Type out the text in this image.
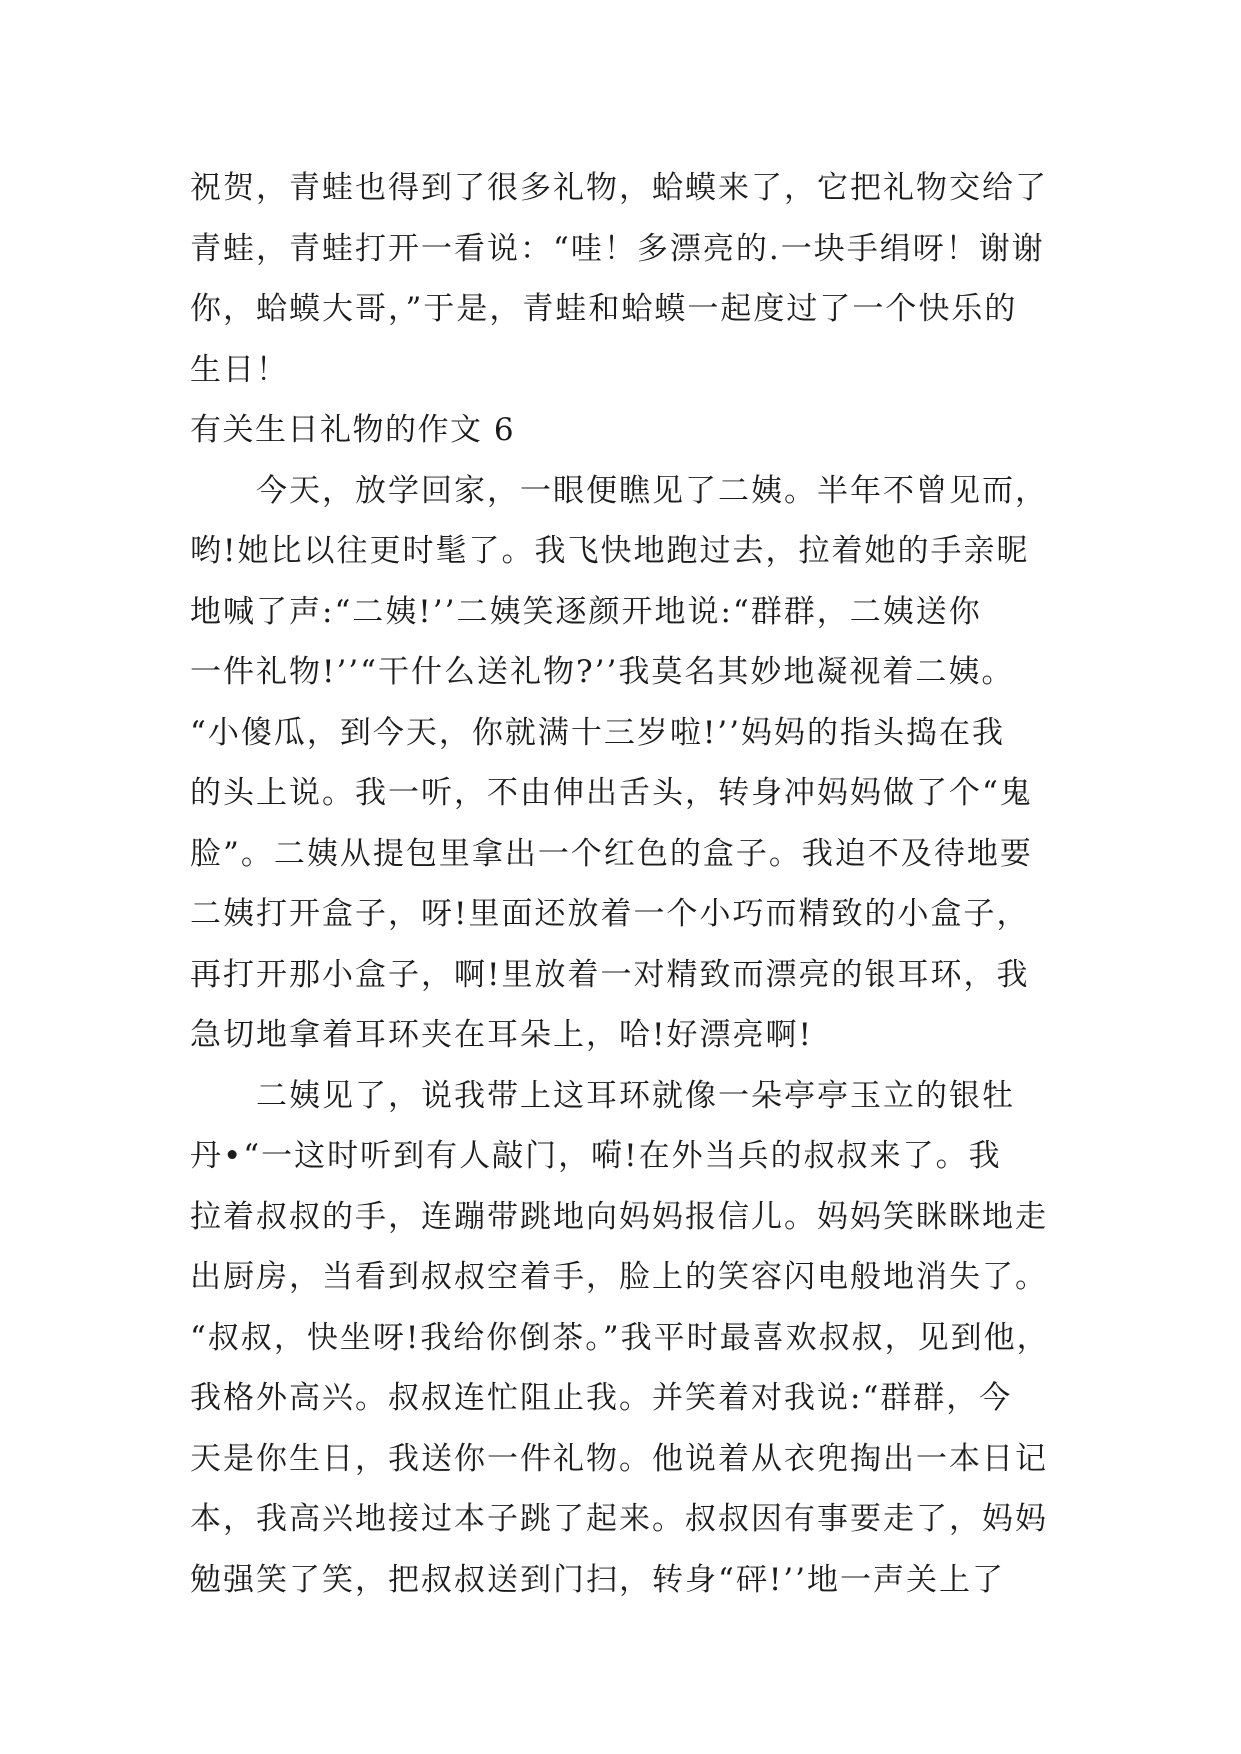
祝贺，青蛙也得到了很多礼物，蛤蟆来了，它把礼物交给了
青蛙，青蛙打开一看说：“哇！多漂亮的.一块手绢呀！谢谢
你，蛤蟆大哥，”于是，青蛙和蛤蟆一起度过了一个快乐的
生日！
有关生日礼物的作文 6
今天，放学回家，一眼便瞧见了二姨。半年不曾见而，
哟!她比以往更时髦了。我飞快地跑过去，拉着她的手亲昵
地喊了声:“二姨!’’二姨笑逐颜开地说:“群群，二姨送你
一件礼物!’’“干什么送礼物?’’我莫名其妙地凝视着二姨。
“小傻瓜，到今天，你就满十三岁啦!’’妈妈的指头捣在我
的头上说。我一听，不由伸出舌头，转身冲妈妈做了个“鬼
脸”。二姨从提包里拿出一个红色的盒子。我迫不及待地要
二姨打开盒子，呀!里面还放着一个小巧而精致的小盒子，
再打开那小盒子，啊!里放着一对精致而漂亮的银耳环，我
急切地拿着耳环夹在耳朵上，哈!好漂亮啊!
二姨见了，说我带上这耳环就像一朵亭亭玉立的银牡
丹•“一这时听到有人敲门，嗬!在外当兵的叔叔来了。我
拉着叔叔的手，连蹦带跳地向妈妈报信儿。妈妈笑眯眯地走
出厨房，当看到叔叔空着手，脸上的笑容闪电般地消失了。
“叔叔，快坐呀!我给你倒茶。”我平时最喜欢叔叔，见到他，
我格外高兴。叔叔连忙阻止我。并笑着对我说:“群群，今
天是你生日，我送你一件礼物。他说着从衣兜掏出一本日记
本，我高兴地接过本子跳了起来。叔叔因有事要走了，妈妈
勉强笑了笑，把叔叔送到门扫，转身“砰!’’地一声关上了
